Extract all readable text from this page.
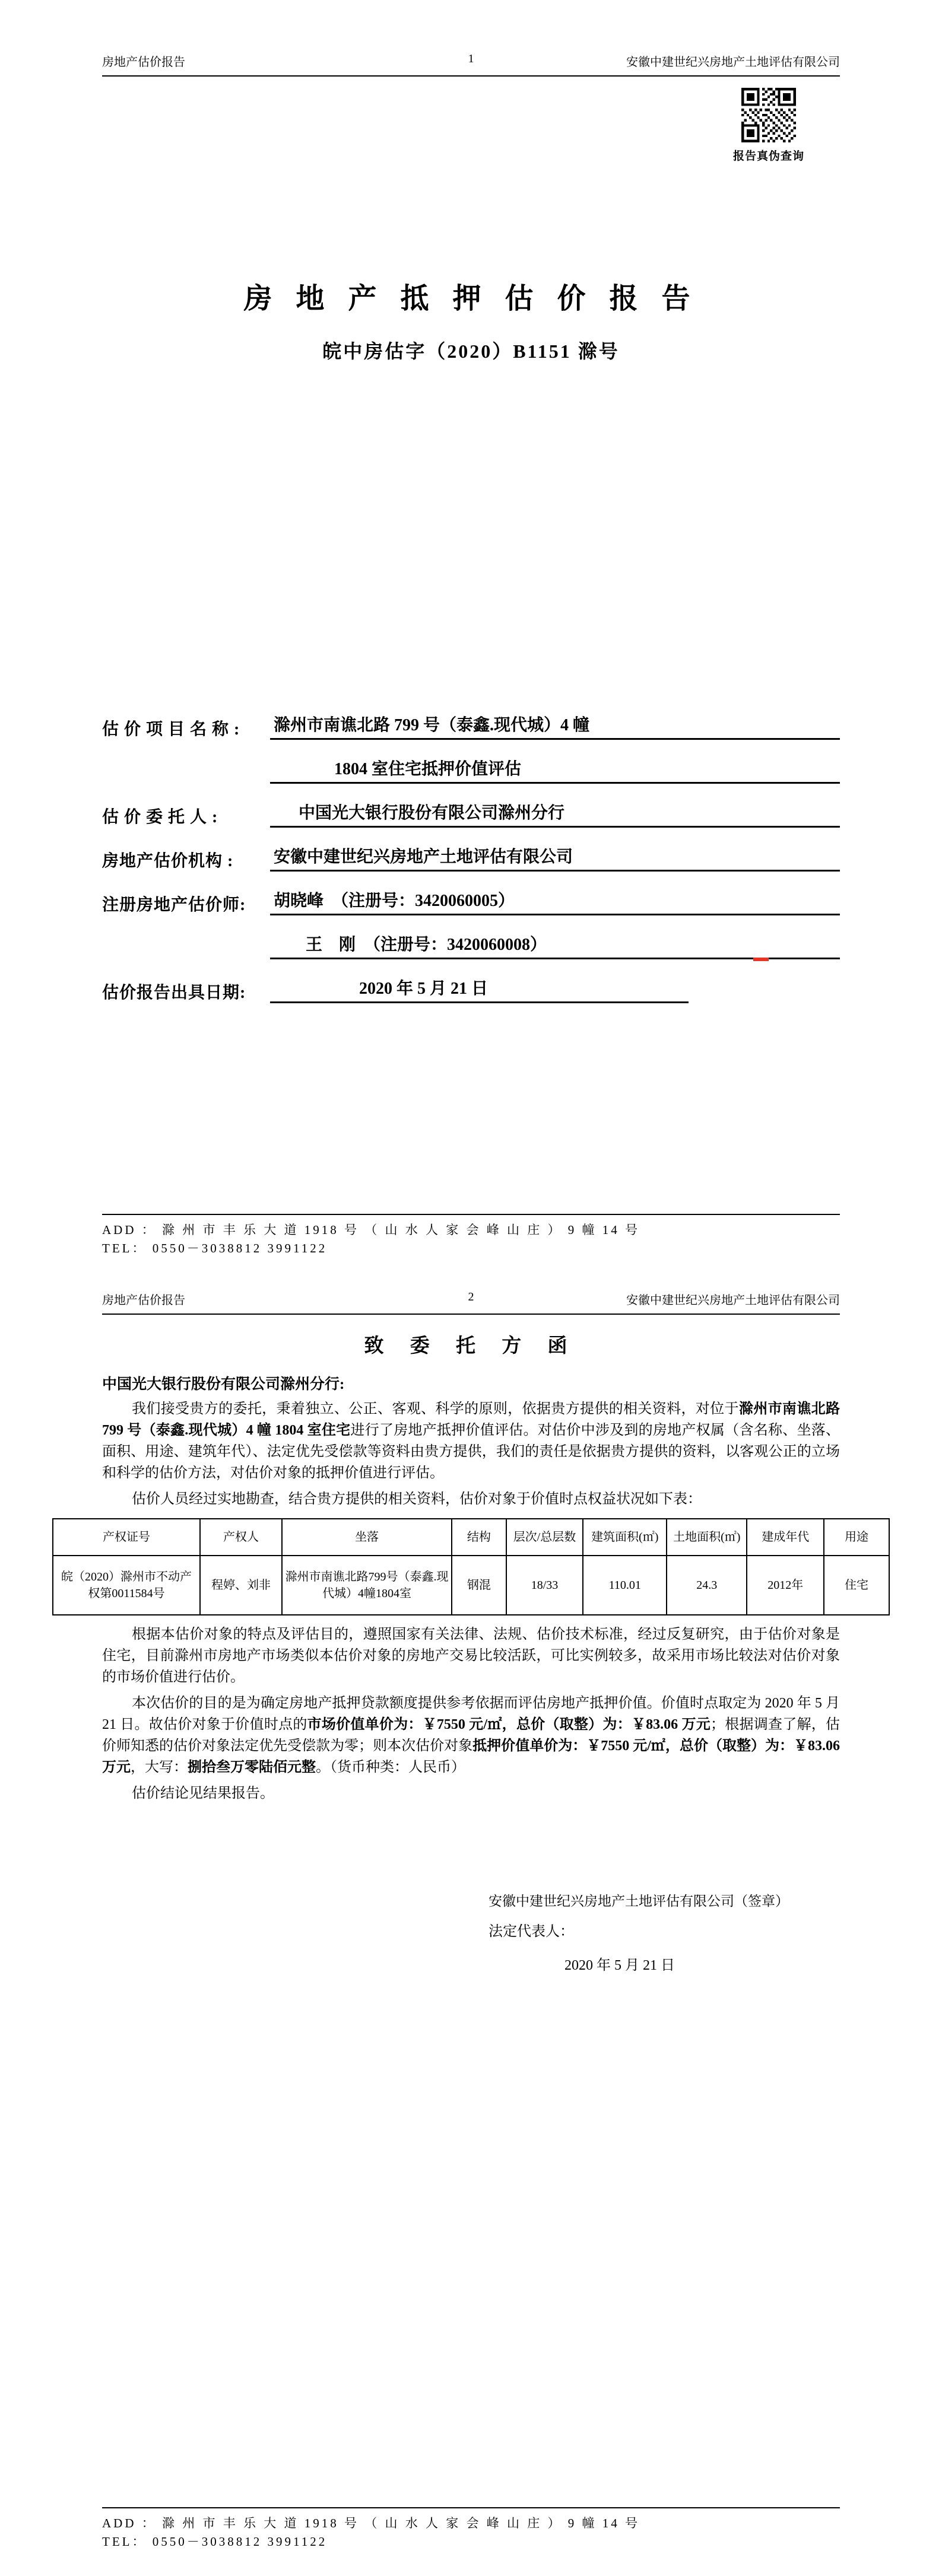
房地产估价报告	1	安徽中建世纪兴房地产土地评估有限公司
报告真伪查询
房 地 产 抵 押 估 价 报 告
皖中房估字（2020）B1151 滁号
估 价 项 目 名 称 :	滁州市南谯北路 799 号（泰鑫.现代城）4 幢
1804 室住宅抵押价值评估
估 价 委 托 人 :	中国光大银行股份有限公司滁州分行
房地产估价机构 :	安徽中建世纪兴房地产土地评估有限公司
注册房地产估价师:	胡晓峰　（注册号：3420060005）
王　刚　（注册号：3420060008）
估价报告出具日期:	2020 年 5 月 21 日
ADD ： 滁 州 市 丰 乐 大 道 1918 号 （ 山 水 人 家 会 峰 山 庄 ） 9 幢 14 号
TEL： 0550－3038812 3991122
房地产估价报告	2	安徽中建世纪兴房地产土地评估有限公司
致 委 托 方 函
中国光大银行股份有限公司滁州分行:

我们接受贵方的委托，秉着独立、公正、客观、科学的原则，依据贵方提供的相关资料，对位于滁州市南谯北路 799 号（泰鑫.现代城）4 幢 1804 室住宅进行了房地产抵押价值评估。对估价中涉及到的房地产权属（含名称、坐落、面积、用途、建筑年代）、法定优先受偿款等资料由贵方提供，我们的责任是依据贵方提供的资料，以客观公正的立场和科学的估价方法，对估价对象的抵押价值进行评估。

估价人员经过实地勘查，结合贵方提供的相关资料，估价对象于价值时点权益状况如下表：

产权证号	产权人	坐落	结构	层次/总层数	建筑面积(㎡)	土地面积(㎡)	建成年代	用途
皖（2020）滁州市不动产权第0011584号	程婷、刘非	滁州市南谯北路799号（泰鑫.现代城）4幢1804室	钢混	18/33	110.01	24.3	2012年	住宅

根据本估价对象的特点及评估目的，遵照国家有关法律、法规、估价技术标准，经过反复研究，由于估价对象是住宅，目前滁州市房地产市场类似本估价对象的房地产交易比较活跃，可比实例较多，故采用市场比较法对估价对象的市场价值进行估价。

本次估价的目的是为确定房地产抵押贷款额度提供参考依据而评估房地产抵押价值。价值时点取定为 2020 年 5 月 21 日。故估价对象于价值时点的市场价值单价为：￥7550 元/㎡，总价（取整）为：￥83.06 万元；根据调查了解，估价师知悉的估价对象法定优先受偿款为零；则本次估价对象抵押价值单价为：￥7550 元/㎡，总价（取整）为：￥83.06 万元，大写：捌拾叁万零陆佰元整。（货币种类：人民币）

估价结论见结果报告。

安徽中建世纪兴房地产土地评估有限公司（签章）
法定代表人：
2020 年 5 月 21 日
ADD ： 滁 州 市 丰 乐 大 道 1918 号 （ 山 水 人 家 会 峰 山 庄 ） 9 幢 14 号
TEL： 0550－3038812 3991122
